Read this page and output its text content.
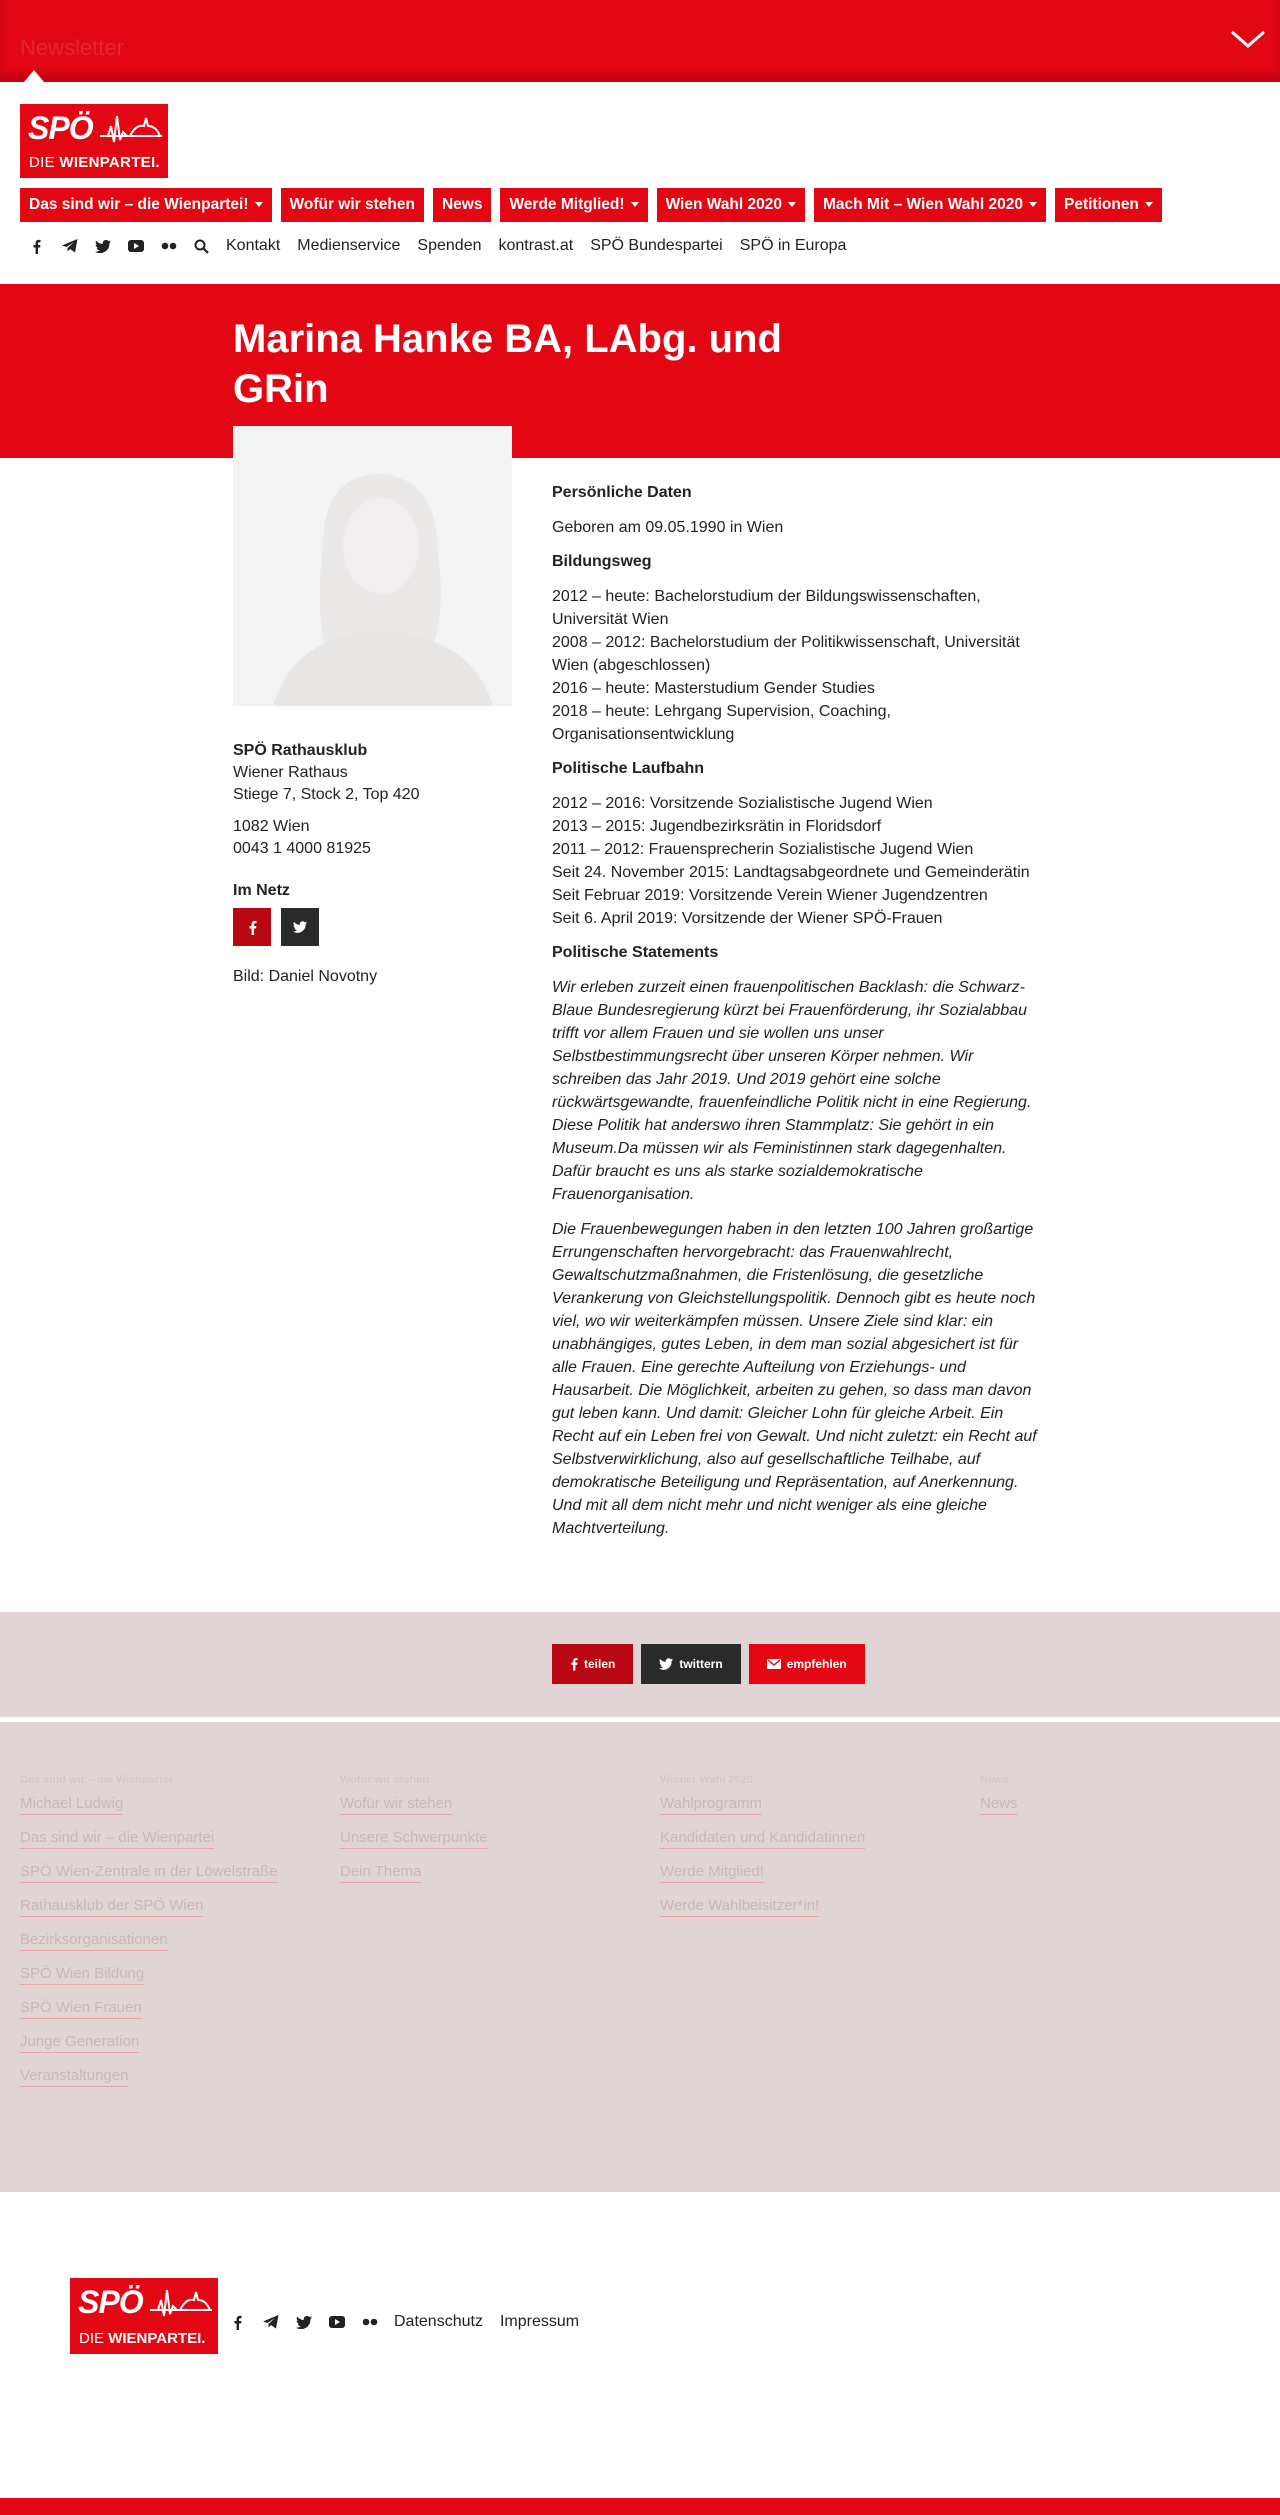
Newsletter
SPÖ
DIE WIENPARTEI.
Das sind wir – die Wienpartei!	Wofür wir stehen	News	Werde Mitglied!	Wien Wahl 2020	Mach Mit – Wien Wahl 2020	Petitionen
Kontakt Medienservice Spenden kontrast.at SPÖ Bundespartei SPÖ in Europa
Marina Hanke BA, LAbg. und GRin
SPÖ Rathausklub
Wiener Rathaus
Stiege 7, Stock 2, Top 420
1082 Wien
0043 1 4000 81925
Im Netz
Bild: Daniel Novotny
Persönliche Daten

Geboren am 09.05.1990 in Wien

Bildungsweg
2012 – heute: Bachelorstudium der Bildungswissenschaften, Universität Wien
2008 – 2012: Bachelorstudium der Politikwissenschaft, Universität Wien (abgeschlossen)
2016 – heute: Masterstudium Gender Studies
2018 – heute: Lehrgang Supervision, Coaching, Organisationsentwicklung
Politische Laufbahn
2012 – 2016: Vorsitzende Sozialistische Jugend Wien
2013 – 2015: Jugendbezirksrätin in Floridsdorf
2011 – 2012: Frauensprecherin Sozialistische Jugend Wien
Seit 24. November 2015: Landtagsabgeordnete und Gemeinderätin
Seit Februar 2019: Vorsitzende Verein Wiener Jugendzentren
Seit 6. April 2019: Vorsitzende der Wiener SPÖ-Frauen
Politische Statements

Wir erleben zurzeit einen frauenpolitischen Backlash: die Schwarz-Blaue Bundesregierung kürzt bei Frauenförderung, ihr Sozialabbau trifft vor allem Frauen und sie wollen uns unser Selbstbestimmungsrecht über unseren Körper nehmen. Wir schreiben das Jahr 2019. Und 2019 gehört eine solche rückwärtsgewandte, frauenfeindliche Politik nicht in eine Regierung. Diese Politik hat anderswo ihren Stammplatz: Sie gehört in ein Museum.Da müssen wir als Feministinnen stark dagegenhalten. Dafür braucht es uns als starke sozialdemokratische Frauenorganisation.

Die Frauenbewegungen haben in den letzten 100 Jahren großartige Errungenschaften hervorgebracht: das Frauenwahlrecht, Gewaltschutzmaßnahmen, die Fristenlösung, die gesetzliche Verankerung von Gleichstellungspolitik. Dennoch gibt es heute noch viel, wo wir weiterkämpfen müssen. Unsere Ziele sind klar: ein unabhängiges, gutes Leben, in dem man sozial abgesichert ist für alle Frauen. Eine gerechte Aufteilung von Erziehungs- und Hausarbeit. Die Möglichkeit, arbeiten zu gehen, so dass man davon gut leben kann. Und damit: Gleicher Lohn für gleiche Arbeit. Ein Recht auf ein Leben frei von Gewalt. Und nicht zuletzt: ein Recht auf Selbstverwirklichung, also auf gesellschaftliche Teilhabe, auf demokratische Beteiligung und Repräsentation, auf Anerkennung. Und mit all dem nicht mehr und nicht weniger als eine gleiche Machtverteilung.

teilen	twittern	empfehlen
Das sind wir – die Wienpartei
Michael Ludwig
Das sind wir – die Wienpartei
SPÖ Wien-Zentrale in der Löwelstraße
Rathausklub der SPÖ Wien
Bezirksorganisationen
SPÖ Wien Bildung
SPÖ Wien Frauen
Junge Generation
Veranstaltungen
Wofür wir stehen
Wofür wir stehen
Unsere Schwerpunkte
Dein Thema
Wiener Wahl 2020
Wahlprogramm
Kandidaten und Kandidatinnen
Werde Mitglied!
Werde Wahlbeisitzer*in!
News
News
SPÖ
DIE WIENPARTEI.
Datenschutz Impressum
